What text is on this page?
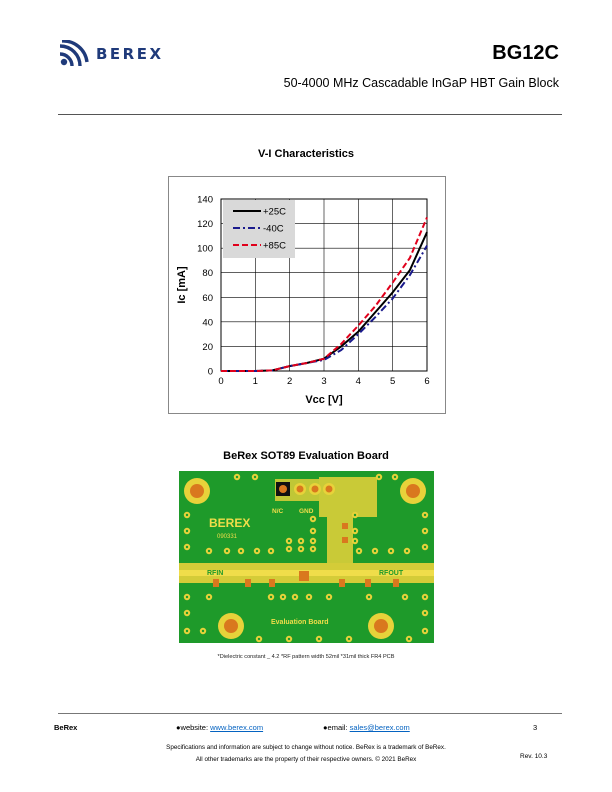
BEREX	BG12C
50-4000 MHz Cascadable InGaP HBT Gain Block
V-I Characteristics
0	1	2	3	4	5	6
0
20
40
60
80
100
120
140
Vcc [V]
Ic [mA]
+25C
-40C
+85C
BeRex SOT89 Evaluation Board
BEREX
090331
N/C GND
RFIN	RFOUT
Evaluation Board
*Dielectric constant _ 4.2 *RF pattern width 52mil *31mil thick FR4 PCB
BeRex	●website: www.berex.com	●email: sales@berex.com	3
Specifications and information are subject to change without notice. BeRex is a trademark of BeRex.
All other trademarks are the property of their respective owners. © 2021 BeRex	Rev. 10.3
